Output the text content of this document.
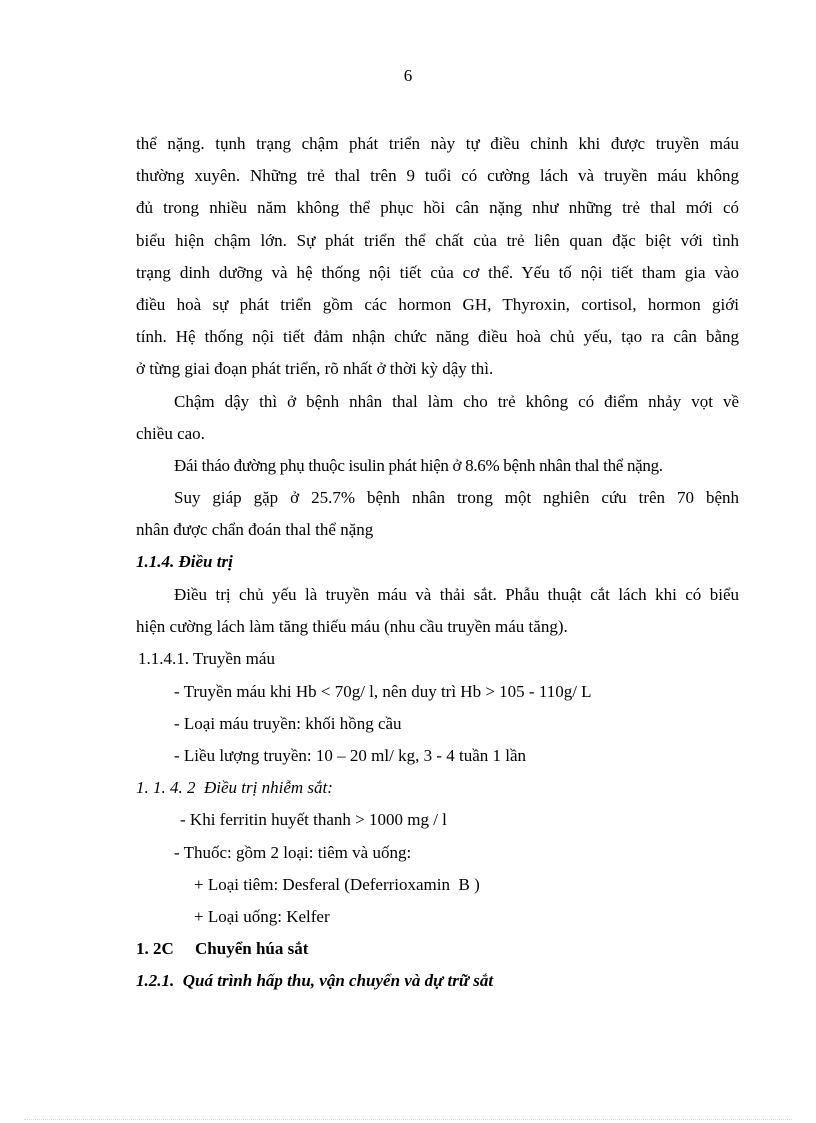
6
thể nặng. tụnh trạng chậm phát triển này tự điều chỉnh khi được truyền máu
thường xuyên. Những trẻ thal trên 9 tuổi có cường lách và truyền máu không
đủ trong nhiều năm không thể phục hồi cân nặng như những trẻ thal mới có
biểu hiện chậm lớn. Sự phát triển thể chất của trẻ liên quan đặc biệt với tình
trạng dinh dưỡng và hệ thống nội tiết của cơ thể. Yếu tố nội tiết tham gia vào
điều hoà sự phát triển gồm các hormon GH, Thyroxin, cortisol, hormon giới
tính. Hệ thống nội tiết đảm nhận chức năng điều hoà chủ yếu, tạo ra cân bằng
ở từng giai đoạn phát triển, rõ nhất ở thời kỳ dậy thì.
Chậm dậy thì ở bệnh nhân thal làm cho trẻ không có điểm nhảy vọt về
chiều cao.
Đái tháo đường phụ thuộc isulin phát hiện ở 8.6% bệnh nhân thal thể nặng.
Suy giáp gặp ở 25.7% bệnh nhân trong một nghiên cứu trên 70 bệnh
nhân được chẩn đoán thal thể nặng
1.1.4. Điều trị
Điều trị chủ yếu là truyền máu và thải sắt. Phẫu thuật cắt lách khi có biểu
hiện cường lách làm tăng thiếu máu (nhu cầu truyền máu tăng).
1.1.4.1. Truyền máu
- Truyền máu khi Hb < 70g/ l, nên duy trì Hb > 105 - 110g/ L
- Loại máu truyền: khối hồng cầu
- Liều lượng truyền: 10 – 20 ml/ kg, 3 - 4 tuần 1 lần
1. 1. 4. 2  Điều trị nhiễm sắt:
- Khi ferritin huyết thanh > 1000 mg / l
- Thuốc: gồm 2 loại: tiêm và uống:
+ Loại tiêm: Desferal (Deferrioxamin  B )
+ Loại uống: Kelfer
1. 2C     Chuyển húa sắt
1.2.1.  Quá trình hấp thu, vận chuyển và dự trữ sắt
